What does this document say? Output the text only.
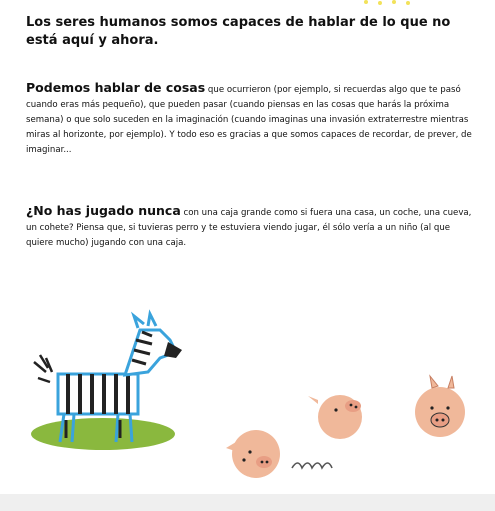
Los seres humanos somos capaces de hablar de lo que no está aquí y ahora.

Podemos hablar de cosas que ocurrieron (por ejemplo, si recuerdas algo que te pasó cuando eras más pequeño), que pueden pasar (cuando piensas en las cosas que harás la próxima semana) o que solo suceden en la imaginación (cuando imaginas una invasión extraterrestre mientras miras al horizonte, por ejemplo). Y todo eso es gracias a que somos capaces de recordar, de prever, de imaginar...

¿No has jugado nunca con una caja grande como si fuera una casa, un coche, una cueva, un cohete? Piensa que, si tuvieras perro y te estuviera viendo jugar, él sólo vería a un niño (al que quiere mucho) jugando con una caja.
